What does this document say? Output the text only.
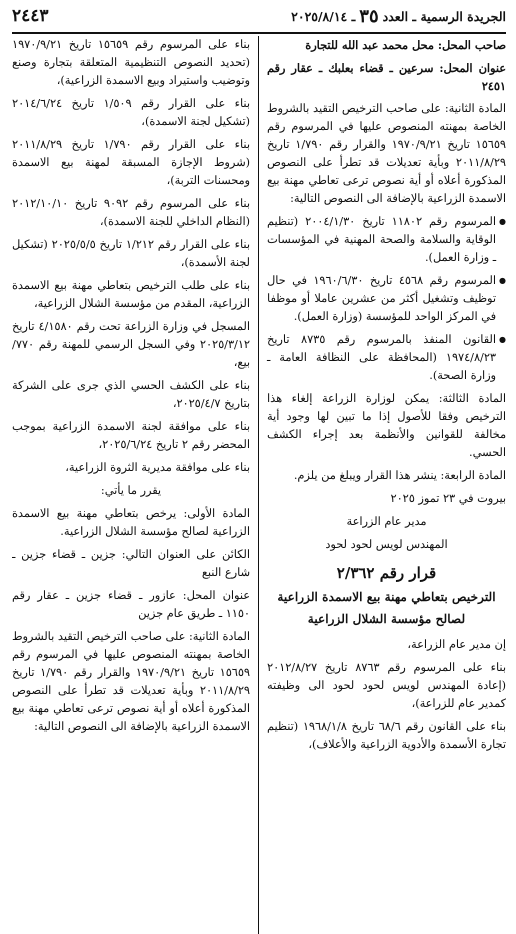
الجريدة الرسمية ـ العدد
٣٥
ـ ٢٠٢٥/٨/١٤
٢٤٤٣

صاحب المحل: محل محمد عبد الله للتجارة

عنوان المحل: سرعين ـ قضاء بعلبك ـ عقار رقم ٢٤٥١

المادة الثانية: على صاحب الترخيص التقيد بالشروط الخاصة بمهنته المنصوص عليها في المرسوم رقم ١٥٦٥٩ تاريخ ١٩٧٠/٩/٢١ والقرار رقم ١/٧٩٠ تاريخ ٢٠١١/٨/٢٩ وبأية تعديلات قد تطرأ على النصوص المذكورة أعلاه أو أية نصوص ترعى تعاطي مهنة بيع الاسمدة الزراعية بالإضافة الى النصوص التالية:

● المرسوم رقم ١١٨٠٢ تاريخ ٢٠٠٤/١/٣٠ (تنظيم الوقاية والسلامة والصحة المهنية في المؤسسات ـ وزارة العمل).

● المرسوم رقم ٤٥٦٨ تاريخ ١٩٦٠/٦/٣٠ في حال توظيف وتشغيل أكثر من عشرين عاملا أو موظفا في المركز الواحد للمؤسسة (وزارة العمل).

● القانون المنفذ بالمرسوم رقم ٨٧٣٥ تاريخ ١٩٧٤/٨/٢٣ (المحافظة على النظافة العامة ـ وزارة الصحة).

المادة الثالثة: يمكن لوزارة الزراعة إلغاء هذا الترخيص وفقا للأصول إذا ما تبين لها وجود أية مخالفة للقوانين والأنظمة بعد إجراء الكشف الحسي.

المادة الرابعة: ينشر هذا القرار ويبلغ من يلزم.

بيروت في ٢٣ تموز ٢٠٢٥

مدير عام الزراعة

المهندس لويس لحود لحود

قرار رقم ٢/٣٦٢
الترخيص بتعاطي مهنة بيع الاسمدة الزراعية لصالح مؤسسة الشلال الزراعية

إن مدير عام الزراعة،

بناء على المرسوم رقم ٨٧٦٣ تاريخ ٢٠١٢/٨/٢٧ (إعادة المهندس لويس لحود لحود الى وظيفته كمدير عام للزراعة)،

بناء على القانون رقم ٦٨/٦ تاريخ ١٩٦٨/١/٨ (تنظيم تجارة الأسمدة والأدوية الزراعية والأعلاف)،

بناء على المرسوم رقم ١٥٦٥٩ تاريخ ١٩٧٠/٩/٢١ (تحديد النصوص التنظيمية المتعلقة بتجارة وصنع وتوضيب واستيراد وبيع الاسمدة الزراعية)،

بناء على القرار رقم ١/٥٠٩ تاريخ ٢٠١٤/٦/٢٤ (تشكيل لجنة الاسمدة)،

بناء على القرار رقم ١/٧٩٠ تاريخ ٢٠١١/٨/٢٩ (شروط الإجازة المسبقة لمهنة بيع الاسمدة ومحسنات التربة)،

بناء على المرسوم رقم ٩٠٩٢ تاريخ ٢٠١٢/١٠/١٠ (النظام الداخلي للجنة الاسمدة)،

بناء على القرار رقم ١/٢١٢ تاريخ ٢٠٢٥/٥/٥ (تشكيل لجنة الأسمدة)،

بناء على طلب الترخيص بتعاطي مهنة بيع الاسمدة الزراعية، المقدم من مؤسسة الشلال الزراعية،

المسجل في وزارة الزراعة تحت رقم ٤/١٥٨٠ تاريخ ٢٠٢٥/٣/١٢ وفي السجل الرسمي للمهنة رقم ٧٧٠/ بيع،

بناء على الكشف الحسي الذي جرى على الشركة بتاريخ ٢٠٢٥/٤/٧،

بناء على موافقة لجنة الاسمدة الزراعية بموجب المحضر رقم ٢ تاريخ ٢٠٢٥/٦/٢٤،

بناء على موافقة مديرية الثروة الزراعية،

يقرر ما يأتي:

المادة الأولى: يرخص بتعاطي مهنة بيع الاسمدة الزراعية لصالح مؤسسة الشلال الزراعية.

الكائن على العنوان التالي: جزين ـ قضاء جزين ـ شارع النبع

عنوان المحل: عازور ـ قضاء جزين ـ عقار رقم ١١٥٠ ـ طريق عام جزين

المادة الثانية: على صاحب الترخيص التقيد بالشروط الخاصة بمهنته المنصوص عليها في المرسوم رقم ١٥٦٥٩ تاريخ ١٩٧٠/٩/٢١ والقرار رقم ١/٧٩٠ تاريخ ٢٠١١/٨/٢٩ وبأية تعديلات قد تطرأ على النصوص المذكورة أعلاه أو أية نصوص ترعى تعاطي مهنة بيع الاسمدة الزراعية بالإضافة الى النصوص التالية:
